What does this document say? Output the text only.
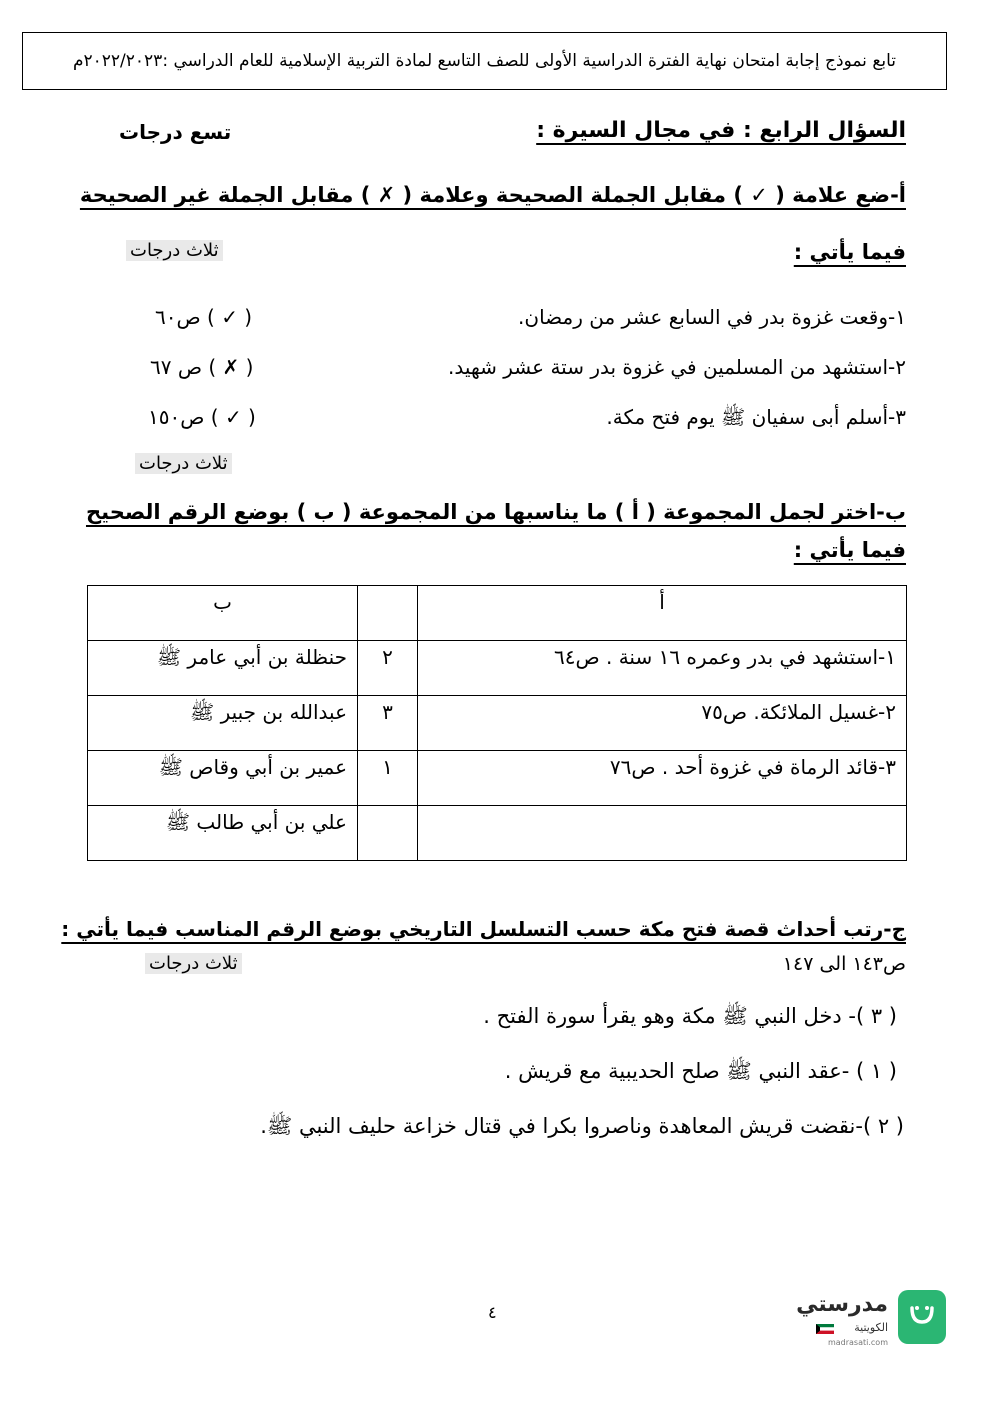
تابع نموذج إجابة امتحان نهاية الفترة الدراسية الأولى للصف التاسع لمادة التربية الإسلامية للعام الدراسي :٢٠٢٢/٢٠٢٣م
السؤال الرابع : في مجال السيرة :
تسع درجات
أ-ضع علامة ( ✓ ) مقابل الجملة الصحيحة وعلامة ( ✗ ) مقابل الجملة غير الصحيحة
فيما يأتي :
ثلاث درجات
١-وقعت غزوة بدر في السابع عشر من رمضان.
ص٦٠ ( ✓ )
٢-استشهد من المسلمين في غزوة بدر ستة عشر شهيد.
ص ٦٧ ( ✗ )
٣-أسلم أبى سفيان ﷺ يوم فتح مكة.
ص١٥٠ ( ✓ )
ثلاث درجات
ب-اختر لجمل المجموعة ( أ ) ما يناسبها من المجموعة ( ب ) بوضع الرقم الصحيح
فيما يأتي :
أ		ب
١-استشهد في بدر وعمره ١٦ سنة . ص٦٤	٢	حنظلة بن أبي عامر ﷺ
٢-غسيل الملائكة. ص٧٥	٣	عبدالله بن جبير ﷺ
٣-قائد الرماة في غزوة أحد . ص٧٦	١	عمير بن أبي وقاص ﷺ
		علي بن أبي طالب ﷺ
ج-رتب أحداث قصة فتح مكة حسب التسلسل التاريخي بوضع الرقم المناسب فيما يأتي :
ص١٤٣ الى ١٤٧
ثلاث درجات
( ٣ )- دخل النبي ﷺ مكة وهو يقرأ سورة الفتح .
( ١ ) -عقد النبي ﷺ صلح الحديبية مع قريش .
( ٢ )-نقضت قريش المعاهدة وناصروا بكرا في قتال خزاعة حليف النبي ﷺ.
٤	مدرستي
الكويتية
madrasati.com
